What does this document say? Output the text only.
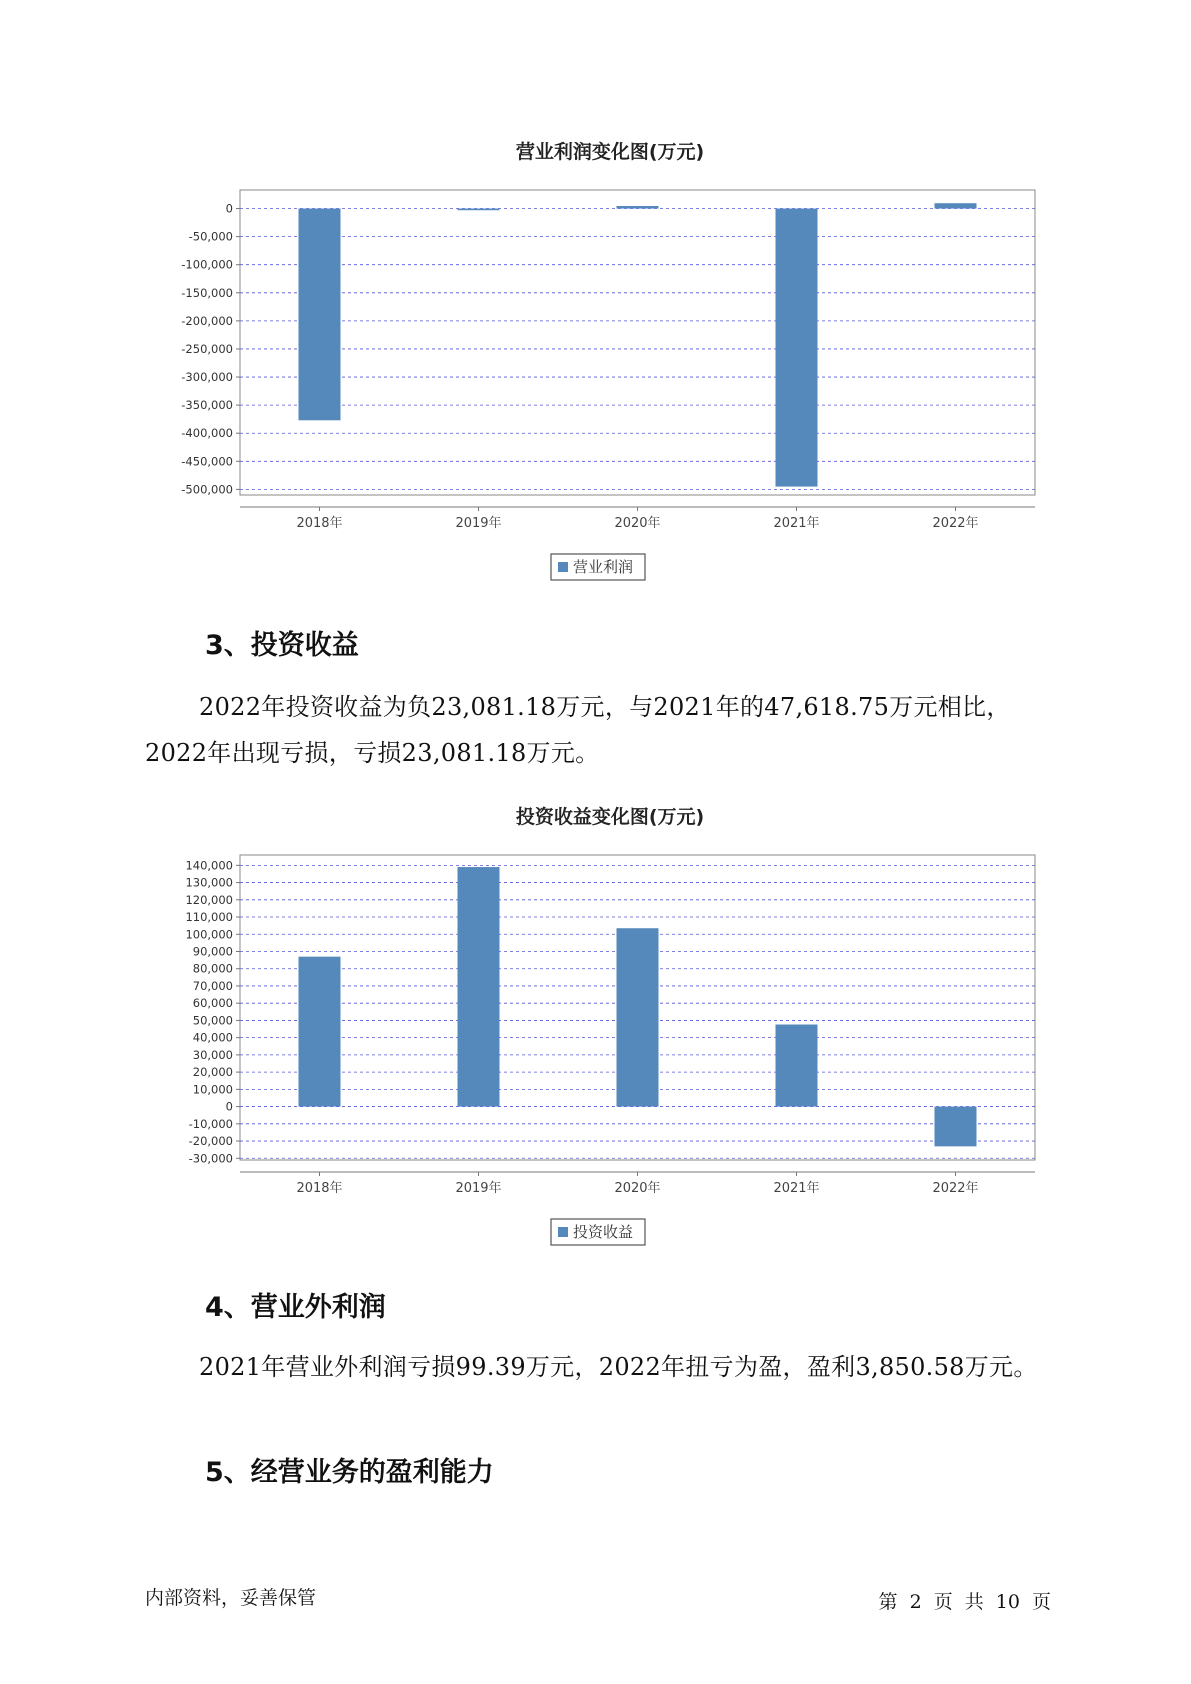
营业利润变化图(万元)
0
-50,000
-100,000
-150,000
-200,000
-250,000
-300,000
-350,000
-400,000
-450,000
-500,000
2018年	2019年	2020年	2021年	2022年
营业利润
3、投资收益

2022年投资收益为负23,081.18万元，与2021年的47,618.75万元相比，2022年出现亏损，亏损23,081.18万元。

投资收益变化图(万元)
140,000
130,000
120,000
110,000
100,000
90,000
80,000
70,000
60,000
50,000
40,000
30,000
20,000
10,000
0
-10,000
-20,000
-30,000
2018年	2019年	2020年	2021年	2022年
投资收益
4、营业外利润

2021年营业外利润亏损99.39万元，2022年扭亏为盈，盈利3,850.58万元。

5、经营业务的盈利能力
内部资料，妥善保管	第 2 页 共 10 页
